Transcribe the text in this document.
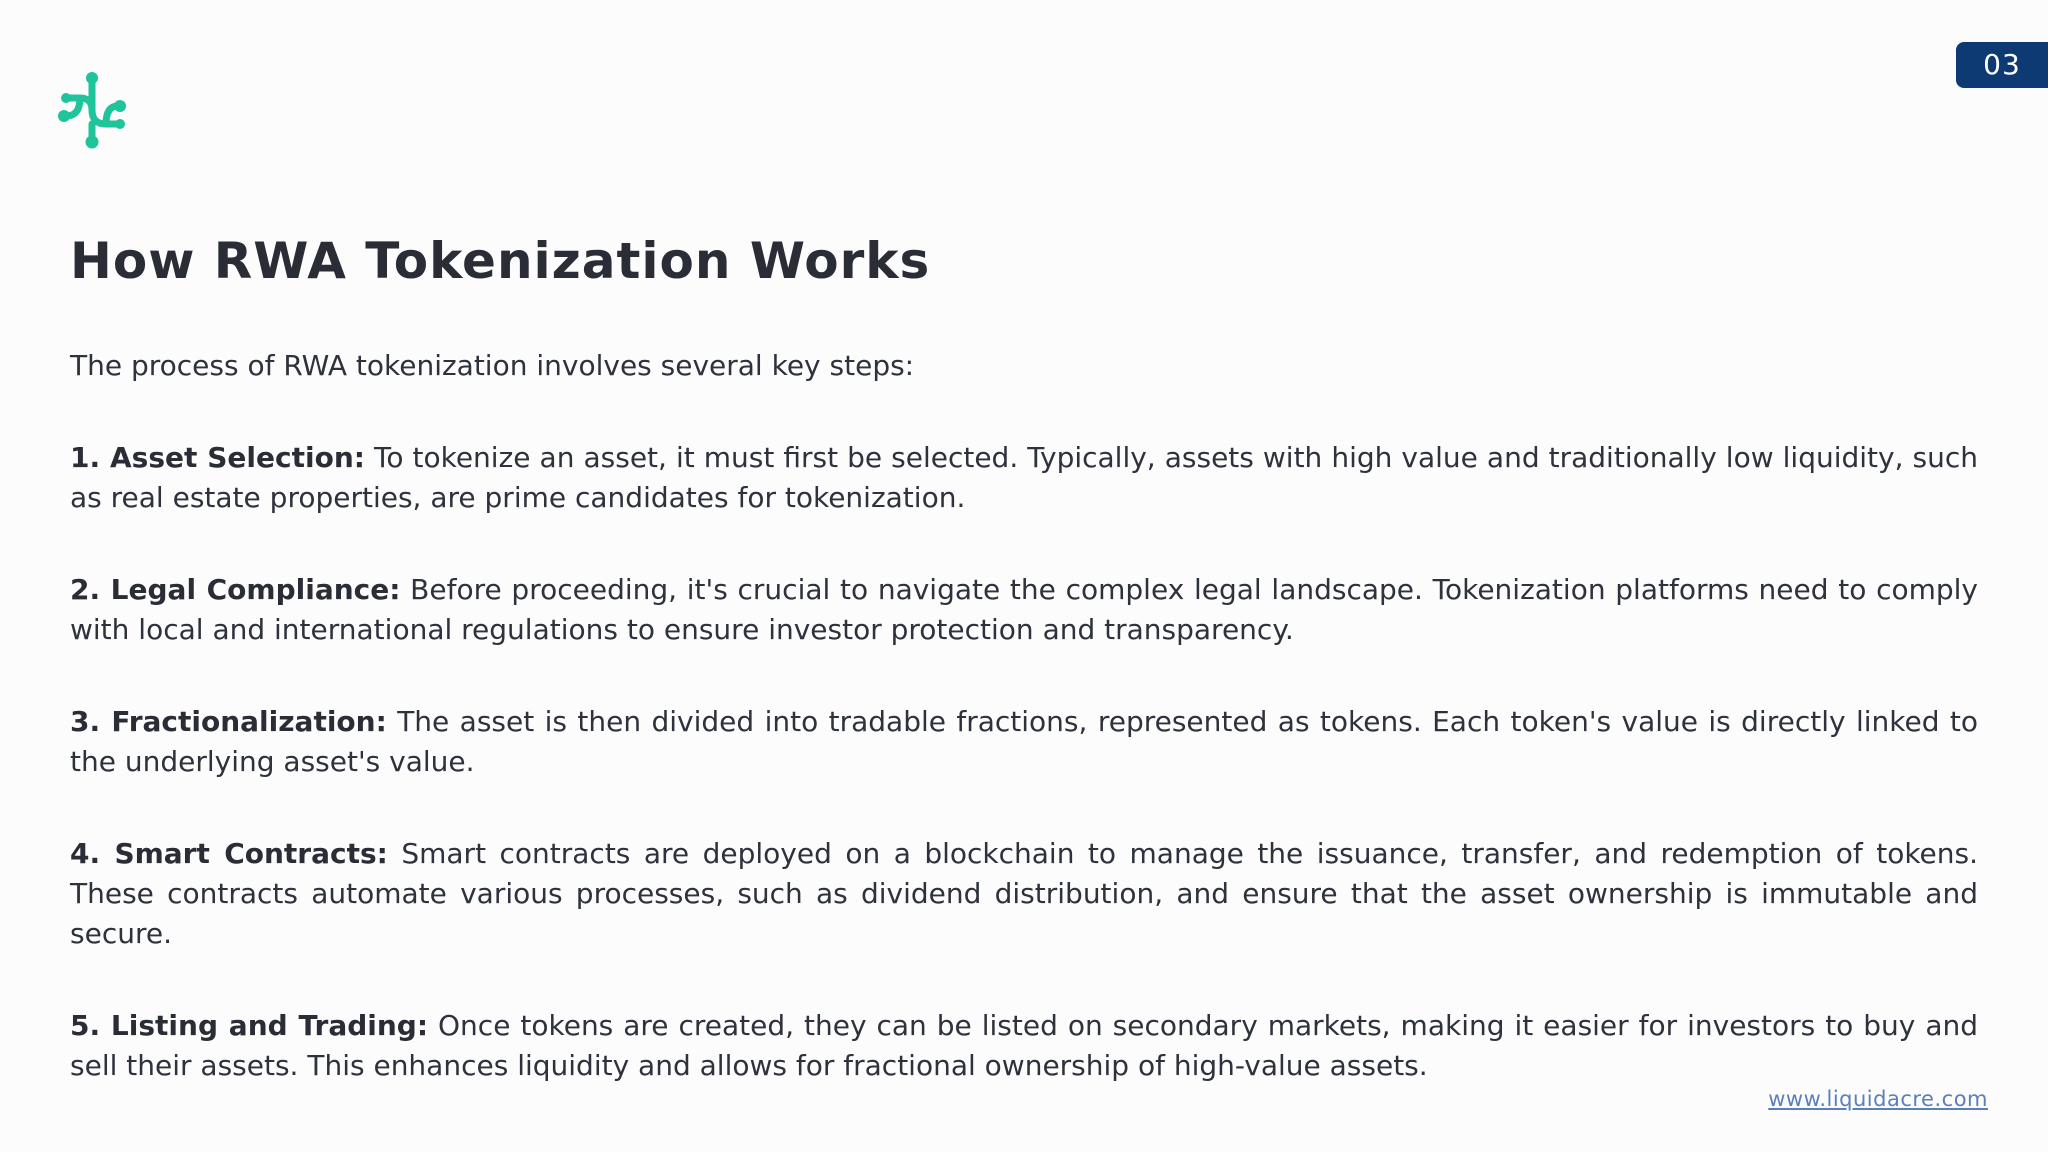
03
How RWA Tokenization Works

The process of RWA tokenization involves several key steps:

1. Asset Selection: To tokenize an asset, it must first be selected. Typically, assets with high value and traditionally low liquidity, such as real estate properties, are prime candidates for tokenization.

2. Legal Compliance: Before proceeding, it's crucial to navigate the complex legal landscape. Tokenization platforms need to comply with local and international regulations to ensure investor protection and transparency.

3. Fractionalization: The asset is then divided into tradable fractions, represented as tokens. Each token's value is directly linked to the underlying asset's value.

4. Smart Contracts: Smart contracts are deployed on a blockchain to manage the issuance, transfer, and redemption of tokens. These contracts automate various processes, such as dividend distribution, and ensure that the asset ownership is immutable and secure.

5. Listing and Trading: Once tokens are created, they can be listed on secondary markets, making it easier for investors to buy and sell their assets. This enhances liquidity and allows for fractional ownership of high-value assets.

www.liquidacre.com
